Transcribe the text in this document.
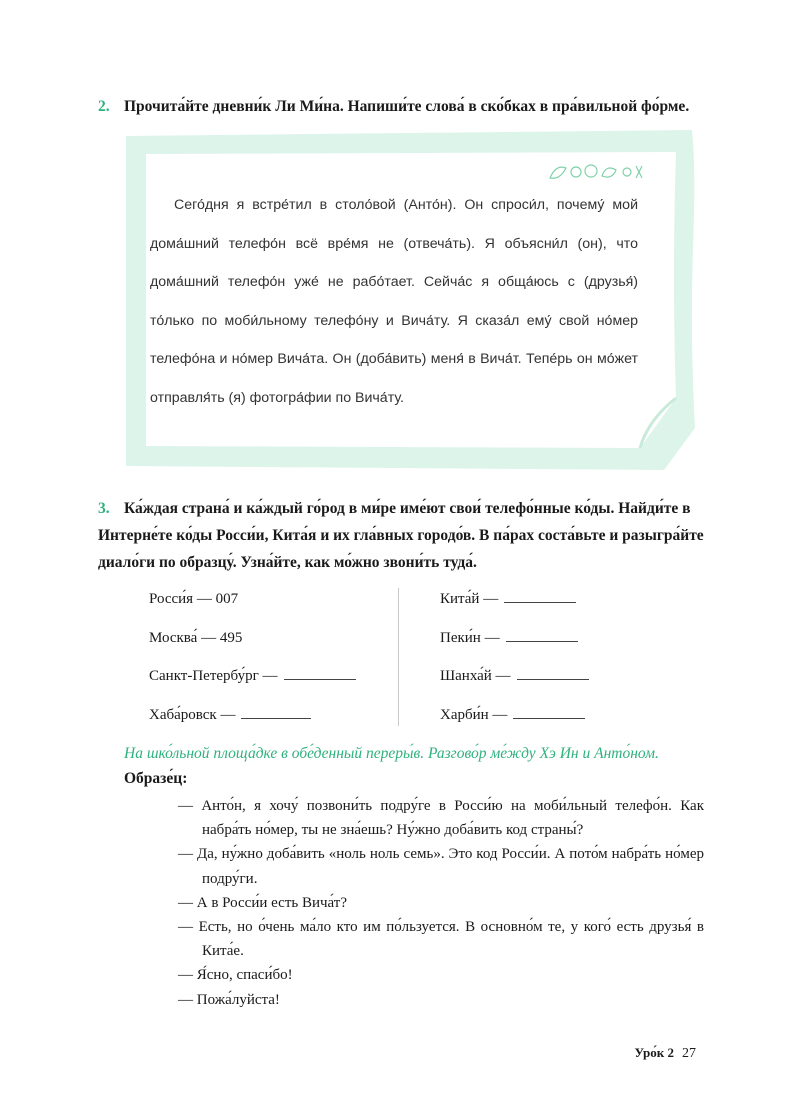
2. Прочита́йте дневни́к Ли Ми́на. Напиши́те слова́ в ско́бках в пра́вильной фо́рме.

Сего́дня я встре́тил в столо́вой (Анто́н). Он спроси́л, почему́ мой дома́шний телефо́н всё вре́мя не (отвеча́ть). Я объясни́л (он), что дома́шний телефо́н уже́ не рабо́тает. Сейча́с я обща́юсь с (друзья́) то́лько по моби́льному телефо́ну и Вича́ту. Я сказа́л ему́ свой но́мер телефо́на и но́мер Вича́та. Он (доба́вить) меня́ в Вича́т. Тепе́рь он мо́жет отправля́ть (я) фотогра́фии по Вича́ту.

3. Ка́ждая страна́ и ка́ждый го́род в ми́ре име́ют свои́ телефо́нные ко́ды. Найди́те в Интерне́те ко́ды Росси́и, Кита́я и их гла́вных городо́в. В па́рах соста́вьте и разыгра́йте диало́ги по образцу́. Узна́йте, как мо́жно звони́ть туда́.
Росси́я — 007
Москва́ — 495
Санкт-Петербу́рг —
Хаба́ровск —
Кита́й —
Пеки́н —
Шанха́й —
Харби́н —
На шко́льной площа́дке в обе́денный переры́в. Разгово́р ме́жду Хэ Ин и Анто́ном.
Образе́ц:

— Анто́н, я хочу́ позвони́ть подру́ге в Росси́ю на моби́льный телефо́н. Как набра́ть но́мер, ты не зна́ешь? Ну́жно доба́вить код страны́?

— Да, ну́жно доба́вить «ноль ноль семь». Это код Росси́и. А пото́м набра́ть но́мер подру́ги.

— А в Росси́и есть Вича́т?

— Есть, но о́чень ма́ло кто им по́льзуется. В основно́м те, у кого́ есть друзья́ в Кита́е.

— Я́сно, спаси́бо!

— Пожа́луйста!

Уро́к 2 27
